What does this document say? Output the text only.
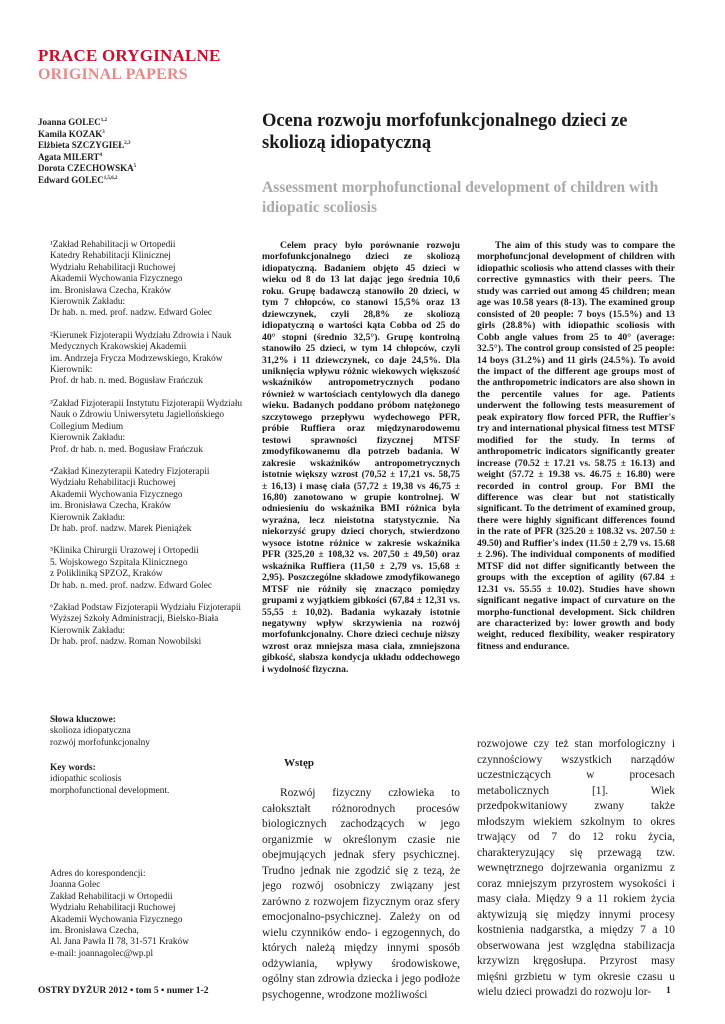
PRACE ORYGINALNE
ORIGINAL PAPERS
Joanna GOLEC$^{1,2}$
Kamila KOZAK$^3$
Elżbieta SZCZYGIEŁ$^{2,3}$
Agata MILERT$^4$
Dorota CZECHOWSKA$^5$
Edward GOLEC$^{1,5,6,2}$
Ocena rozwoju morfofunkcjonalnego dzieci ze skoliozą idiopatyczną
Assessment morphofunctional development of children with idiopatic scoliosis
¹Zakład Rehabilitacji w Ortopedii
Katedry Rehabilitacji Klinicznej
Wydziału Rehabilitacji Ruchowej
Akademii Wychowania Fizycznego
im. Bronisława Czecha, Kraków
Kierownik Zakładu:
Dr hab. n. med. prof. nadzw. Edward Golec
²Kierunek Fizjoterapii Wydziału Zdrowia i Nauk
Medycznych Krakowskiej Akademii
im. Andrzeja Frycza Modrzewskiego, Kraków
Kierownik:
Prof. dr hab. n. med. Bogusław Frańczuk
³Zakład Fizjoterapii Instytutu Fizjoterapii Wydziału
Nauk o Zdrowiu Uniwersytetu Jagiellońskiego
Collegium Medium
Kierownik Zakładu:
Prof. dr hab. n. med. Bogusław Frańczuk
⁴Zakład Kinezyterapii Katedry Fizjoterapii
Wydziału Rehabilitacji Ruchowej
Akademii Wychowania Fizycznego
im. Bronisława Czecha, Kraków
Kierownik Zakładu:
Dr hab. prof. nadzw. Marek Pieniążek
⁵Klinika Chirurgii Urazowej i Ortopedii
5. Wojskowego Szpitala Klinicznego
z Polikliniką SPZOZ, Kraków
Dr hab. n. med. prof. nadzw. Edward Golec
⁶Zakład Podstaw Fizjoterapii Wydziału Fizjoterapii
Wyższej Szkoły Administracji, Bielsko-Biała
Kierownik Zakładu:
Dr hab. prof. nadzw. Roman Nowobilski
Słowa kluczowe:
skolioza idiopatyczna
rozwój morfofunkcjonalny
Key words:
idiopathic scoliosis
morphofunctional development.
Adres do korespondencji:
Joanna Golec
Zakład Rehabilitacji w Ortopedii
Wydziału Rehabilitacji Ruchowej
Akademii Wychowania Fizycznego
im. Bronisława Czecha,
Al. Jana Pawła II 78, 31-571 Kraków
e-mail: joannagolec@wp.pl
Celem pracy było porównanie rozwoju morfofunkcjonalnego dzieci ze skoliozą idiopatyczną. Badaniem objęto 45 dzieci w wieku od 8 do 13 lat dając jego średnia 10,6 roku. Grupę badawczą stanowiło 20 dzieci, w tym 7 chłopców, co stanowi 15,5% oraz 13 dziewczynek, czyli 28,8% ze skoliozą idiopatyczną o wartości kąta Cobba od 25 do 40° stopni (średnio 32,5°). Grupę kontrolną stanowiło 25 dzieci, w tym 14 chłopców, czyli 31,2% i 11 dziewczynek, co daje 24,5%. Dla uniknięcia wpływu różnic wiekowych większość wskaźników antropometrycznych podano również w wartościach centylowych dla danego wieku. Badanych poddano próbom natężonego szczytowego przepływu wydechowego PFR, próbie Ruffiera oraz międzynarodowemu testowi sprawności fizycznej MTSF zmodyfikowanemu dla potrzeb badania. W zakresie wskaźników antropometrycznych istotnie większy wzrost (70,52 ± 17,21 vs. 58,75 ± 16,13) i masę ciała (57,72 ± 19,38 vs 46,75 ± 16,80) zanotowano w grupie kontrolnej. W odniesieniu do wskaźnika BMI różnica była wyraźna, lecz nieistotna statystycznie. Na niekorzyść grupy dzieci chorych, stwierdzono wysoce istotne różnice w zakresie wskaźnika PFR (325,20 ± 108,32 vs. 207,50 ± 49,50) oraz wskaźnika Ruffiera (11,50 ± 2,79 vs. 15,68 ± 2,95). Poszczególne składowe zmodyfikowanego MTSF nie różniły się znacząco pomiędzy grupami z wyjątkiem gibkości (67,84 ± 12,31 vs. 55,55 ± 10,02). Badania wykazały istotnie negatywny wpływ skrzywienia na rozwój morfofunkcjonalny. Chore dzieci cechuje niższy wzrost oraz mniejsza masa ciała, zmniejszona gibkość, słabsza kondycja układu oddechowego i wydolność fizyczna.
The aim of this study was to compare the morphofuncjonal development of children with idiopathic scoliosis who attend classes with their corrective gymnastics with their peers. The study was carried out among 45 children; mean age was 10.58 years (8-13). The examined group consisted of 20 people: 7 boys (15.5%) and 13 girls (28.8%) with idiopathic scoliosis with Cobb angle values from 25 to 40° (average: 32.5°). The control group consisted of 25 people: 14 boys (31.2%) and 11 girls (24.5%). To avoid the impact of the different age groups most of the anthropometric indicators are also shown in the percentile values for age. Patients underwent the following tests measurement of peak expiratory flow forced PFR, the Ruffier's try and international physical fitness test MTSF modified for the study. In terms of anthropometric indicators significantly greater increase (70.52 ± 17.21 vs. 58.75 ± 16.13) and weight (57.72 ± 19.38 vs. 46.75 ± 16.80) were recorded in control group. For BMI the difference was clear but not statistically significant. To the detriment of examined group, there were highly significant differences found in the rate of PFR (325.20 ± 108.32 vs. 207.50 ± 49.50) and Ruffier's index (11.50 ± 2,79 vs. 15.68 ± 2.96). The individual components of modified MTSF did not differ significantly between the groups with the exception of agility (67.84 ± 12.31 vs. 55.55 ± 10.02). Studies have shown significant negative impact of curvature on the morpho-functional development. Sick children are characterized by: lower growth and body weight, reduced flexibility, weaker respiratory fitness and endurance.
Wstęp
Rozwój fizyczny człowieka to całokształt różnorodnych procesów biologicznych zachodzących w jego organizmie w określonym czasie nie obejmujących jednak sfery psychicznej. Trudno jednak nie zgodzić się z tezą, że jego rozwój osobniczy związany jest zarówno z rozwojem fizycznym oraz sfery emocjonalno-psychicznej. Zależy on od wielu czynników endo- i egzogennych, do których należą między innymi sposób odżywiania, wpływy środowiskowe, ogólny stan zdrowia dziecka i jego podłoże psychogenne, wrodzone możliwości
rozwojowe czy też stan morfologiczny i czynnościowy wszystkich narządów uczestniczących w procesach metabolicznych [1]. Wiek przedpokwitaniowy zwany także młodszym wiekiem szkolnym to okres trwający od 7 do 12 roku życia, charakteryzujący się przewagą tzw. wewnętrznego dojrzewania organizmu z coraz mniejszym przyrostem wysokości i masy ciała. Między 9 a 11 rokiem życia aktywizują się między innymi procesy kostnienia nadgarstka, a między 7 a 10 obserwowana jest względna stabilizacja krzywizn kręgosłupa. Przyrost masy mięśni grzbietu w tym okresie czasu u wielu dzieci prowadzi do rozwoju lor-
OSTRY DYŻUR 2012 • tom 5 • numer 1-2	1
